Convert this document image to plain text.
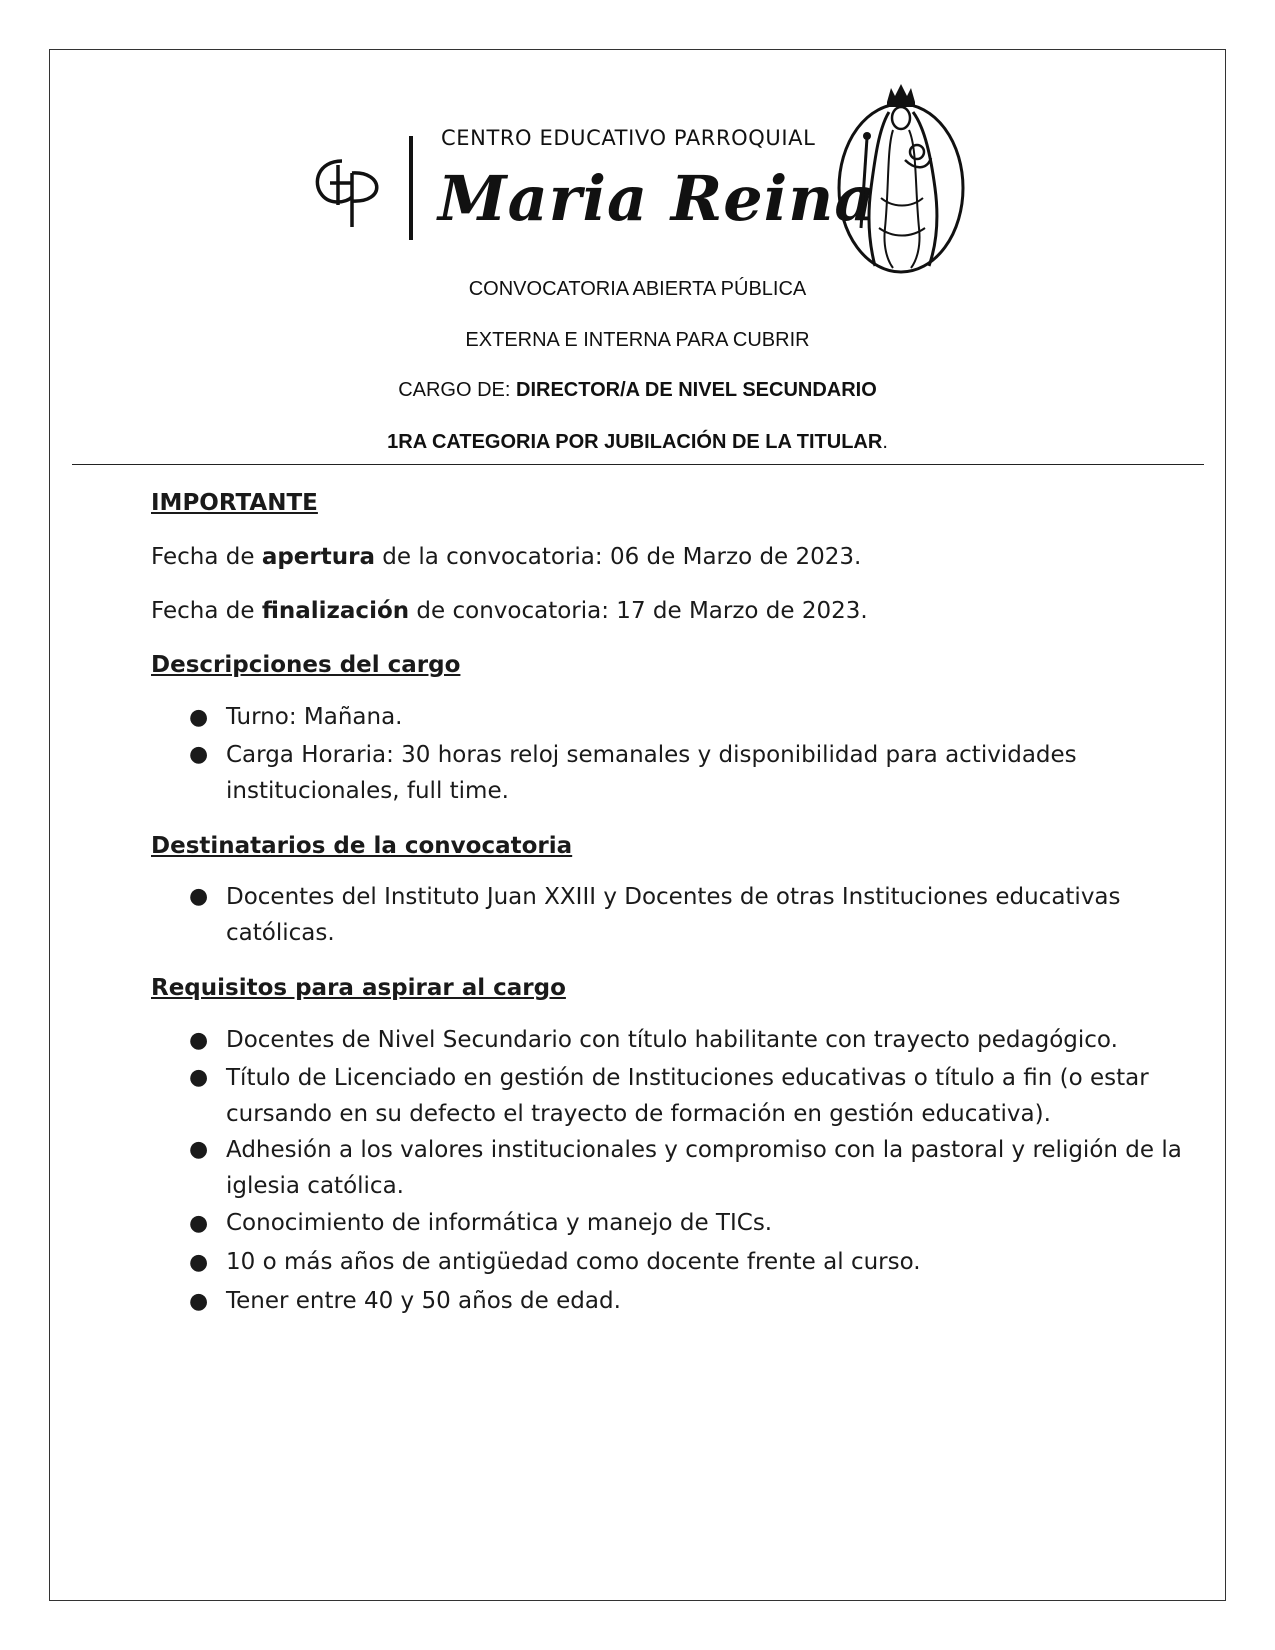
CENTRO EDUCATIVO PARROQUIAL
Maria Reina
CONVOCATORIA ABIERTA PÚBLICA
EXTERNA E INTERNA PARA CUBRIR
CARGO DE: DIRECTOR/A DE NIVEL SECUNDARIO
1RA CATEGORIA POR JUBILACIÓN DE LA TITULAR.

IMPORTANTE

Fecha de apertura de la convocatoria: 06 de Marzo de 2023.

Fecha de finalización de convocatoria: 17 de Marzo de 2023.

Descripciones del cargo

● Turno: Mañana.
● Carga Horaria: 30 horas reloj semanales y disponibilidad para actividades institucionales, full time.

Destinatarios de la convocatoria

● Docentes del Instituto Juan XXIII y Docentes de otras Instituciones educativas católicas.

Requisitos para aspirar al cargo

● Docentes de Nivel Secundario con título habilitante con trayecto pedagógico.
● Título de Licenciado en gestión de Instituciones educativas o título a fin (o estar cursando en su defecto el trayecto de formación en gestión educativa).
● Adhesión a los valores institucionales y compromiso con la pastoral y religión de la iglesia católica.
● Conocimiento de informática y manejo de TICs.
● 10 o más años de antigüedad como docente frente al curso.
● Tener entre 40 y 50 años de edad.
